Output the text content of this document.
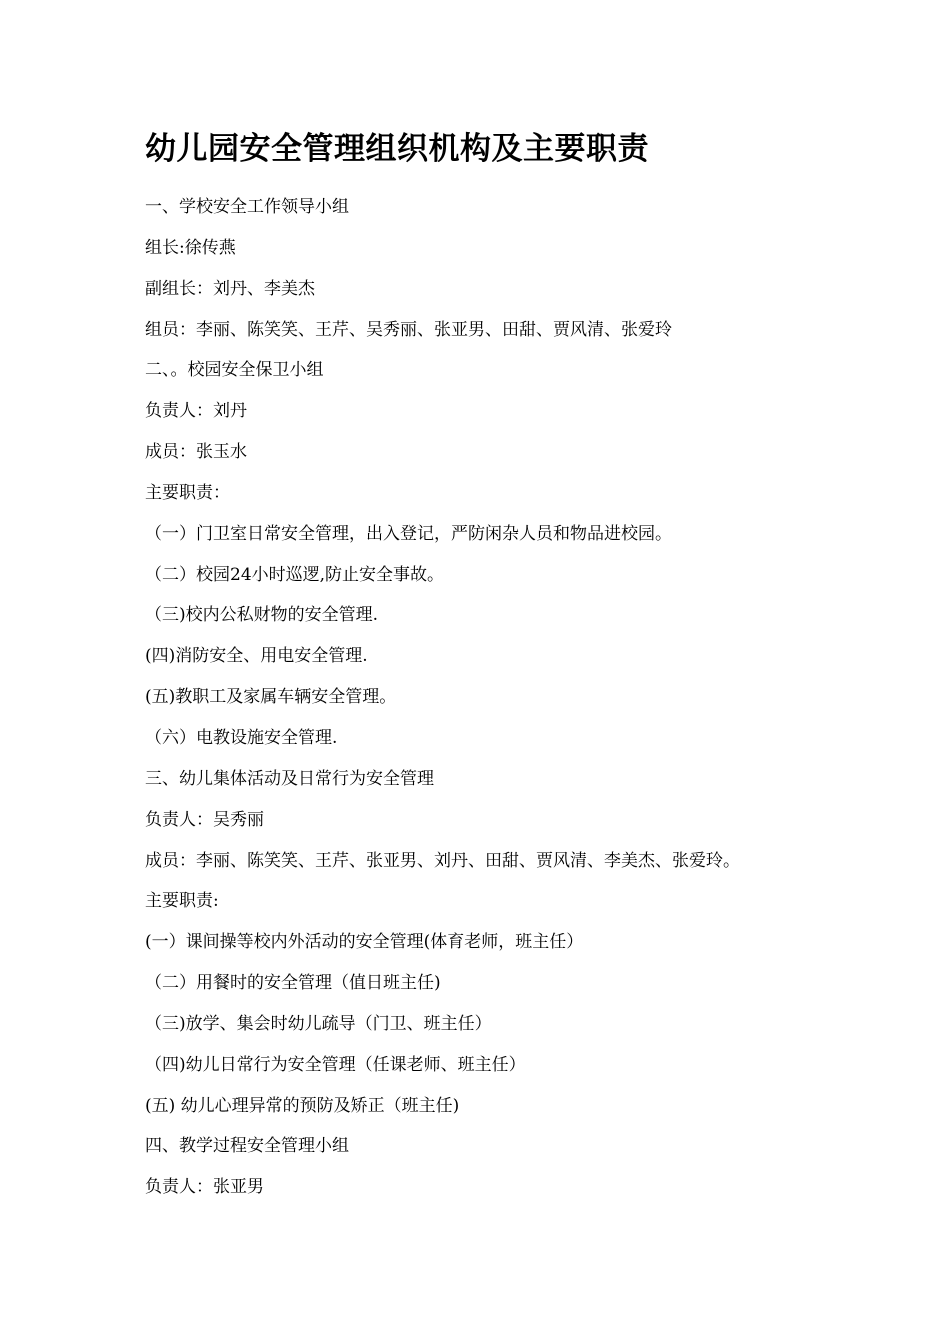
幼儿园安全管理组织机构及主要职责

一、学校安全工作领导小组

组长:徐传燕

副组长：刘丹、李美杰

组员：李丽、陈笑笑、王芹、吴秀丽、张亚男、田甜、贾风清、张爱玲

二、。校园安全保卫小组

负责人：刘丹

成员：张玉水

主要职责：

（一）门卫室日常安全管理，出入登记，严防闲杂人员和物品进校园。

（二）校园24小时巡逻,防止安全事故。

（三)校内公私财物的安全管理.

(四)消防安全、用电安全管理.

(五)教职工及家属车辆安全管理。

（六）电教设施安全管理.

三、幼儿集体活动及日常行为安全管理

负责人：吴秀丽

成员：李丽、陈笑笑、王芹、张亚男、刘丹、田甜、贾风清、李美杰、张爱玲。

主要职责:

(一）课间操等校内外活动的安全管理(体育老师，班主任）

（二）用餐时的安全管理（值日班主任)

（三)放学、集会时幼儿疏导（门卫、班主任）

（四)幼儿日常行为安全管理（任课老师、班主任）

(五) 幼儿心理异常的预防及矫正（班主任)

四、教学过程安全管理小组

负责人：张亚男
